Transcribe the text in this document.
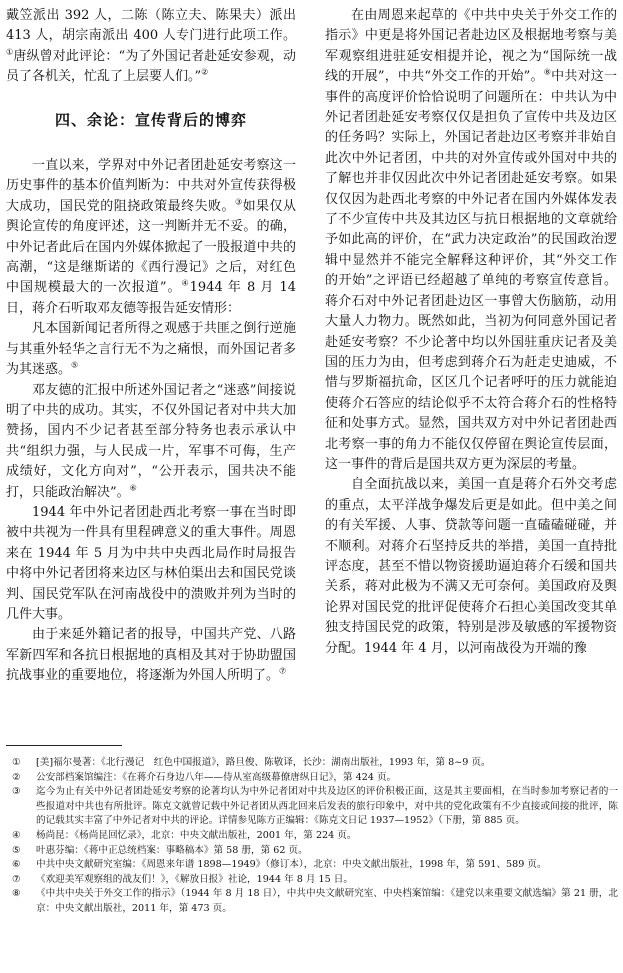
戴笠派出 392 人，二陈（陈立夫、陈果夫）派出 413 人，胡宗南派出 400 人专门进行此项工作。①唐纵曾对此评论：“为了外国记者赴延安参观，动员了各机关，忙乱了上层要人们。”②

四、余论：宣传背后的博弈

一直以来，学界对中外记者团赴延安考察这一历史事件的基本价值判断为：中共对外宣传获得极大成功，国民党的阻挠政策最终失败。③如果仅从舆论宣传的角度评述，这一判断并无不妥。的确，中外记者此后在国内外媒体掀起了一股报道中共的高潮，“这是继斯诺的《西行漫记》之后，对红色中国规模最大的一次报道”。④1944 年 8 月 14 日，蒋介石听取邓友德等报告延安情形：

凡本国新闻记者所得之观感于共匪之倒行逆施与其重外轻华之言行无不为之痛恨，而外国记者多为其迷惑。⑤

邓友德的汇报中所述外国记者之“迷惑”间接说明了中共的成功。其实，不仅外国记者对中共大加赞扬，国内不少记者甚至部分特务也表示承认中共“组织力强，与人民成一片，军事不可侮，生产成绩好，文化方向对”，“公开表示，国共决不能打，只能政治解决”。⑥

1944 年中外记者团赴西北考察一事在当时即被中共视为一件具有里程碑意义的重大事件。周恩来在 1944 年 5 月为中共中央西北局作时局报告中将中外记者团将来边区与林伯渠出去和国民党谈判、国民党军队在河南战役中的溃败并列为当时的几件大事。

由于来延外籍记者的报导，中国共产党、八路军新四军和各抗日根据地的真相及其对于协助盟国抗战事业的重要地位，将逐渐为外国人所明了。⑦

在由周恩来起草的《中共中央关于外交工作的指示》中更是将外国记者赴边区及根据地考察与美军观察组进驻延安相提并论，视之为“国际统一战线的开展”，中共“外交工作的开始”。⑧中共对这一事件的高度评价恰恰说明了问题所在：中共认为中外记者团赴延安考察仅仅是担负了宣传中共及边区的任务吗？实际上，外国记者赴边区考察并非始自此次中外记者团，中共的对外宣传或外国对中共的了解也并非仅因此次中外记者团赴延安考察。如果仅仅因为赴西北考察的中外记者在国内外媒体发表了不少宣传中共及其边区与抗日根据地的文章就给予如此高的评价，在“武力决定政治”的民国政治逻辑中显然并不能完全解释这种评价，其“外交工作的开始”之评语已经超越了单纯的考察宣传意旨。蒋介石对中外记者团赴边区一事曾大伤脑筋，动用大量人力物力。既然如此，当初为何同意外国记者赴延安考察？不少论著中均以外国驻重庆记者及美国的压力为由，但考虑到蒋介石为赶走史迪威，不惜与罗斯福抗命，区区几个记者呼吁的压力就能迫使蒋介石答应的结论似乎不太符合蒋介石的性格特征和处事方式。显然，国共双方对中外记者团赴西北考察一事的角力不能仅仅停留在舆论宣传层面，这一事件的背后是国共双方更为深层的考量。

自全面抗战以来，美国一直是蒋介石外交考虑的重点，太平洋战争爆发后更是如此。但中美之间的有关军援、人事、贷款等问题一直磕磕碰碰，并不顺利。对蒋介石坚持反共的举措，美国一直持批评态度，甚至不惜以物资援助逼迫蒋介石缓和国共关系，蒋对此极为不满又无可奈何。美国政府及舆论界对国民党的批评促使蒋介石担心美国改变其单独支持国民党的政策，特别是涉及敏感的军援物资分配。1944 年 4 月，以河南战役为开端的豫

①	[美]福尔曼著：《北行漫记　红色中国报道》，路旦俊、陈敬译，长沙：湖南出版社，1993 年，第 8~9 页。
②	公安部档案馆编注：《在蒋介石身边八年——侍从室高级幕僚唐纵日记》，第 424 页。
③	迄今为止有关中外记者团赴延安考察的论著均认为中外记者团对中共及边区的评价积极正面，这是其主要面相，在当时参加考察记者的一些报道对中共也有所批评。陈克文就曾记载中外记者团从西北回来后发表的旅行印象中，对中共的党化政策有不少直接或间接的批评，陈的记载其实丰富了中外记者对中共的评论。详情参见陈方正编辑：《陈克文日记 1937—1952》（下册，第 885 页。
④	杨尚昆：《杨尚昆回忆录》，北京：中央文献出版社，2001 年，第 224 页。
⑤	叶惠芬编：《蒋中正总统档案：事略稿本》第 58 册，第 62 页。
⑥	中共中央文献研究室编：《周恩来年谱 1898—1949》（修订本），北京：中央文献出版社，1998 年，第 591、589 页。
⑦	《欢迎美军观察组的战友们！》，《解放日报》社论，1944 年 8 月 15 日。
⑧	《中共中央关于外交工作的指示》（1944 年 8 月 18 日），中共中央文献研究室、中央档案馆编：《建党以来重要文献选编》第 21 册，北京：中央文献出版社，2011 年，第 473 页。
